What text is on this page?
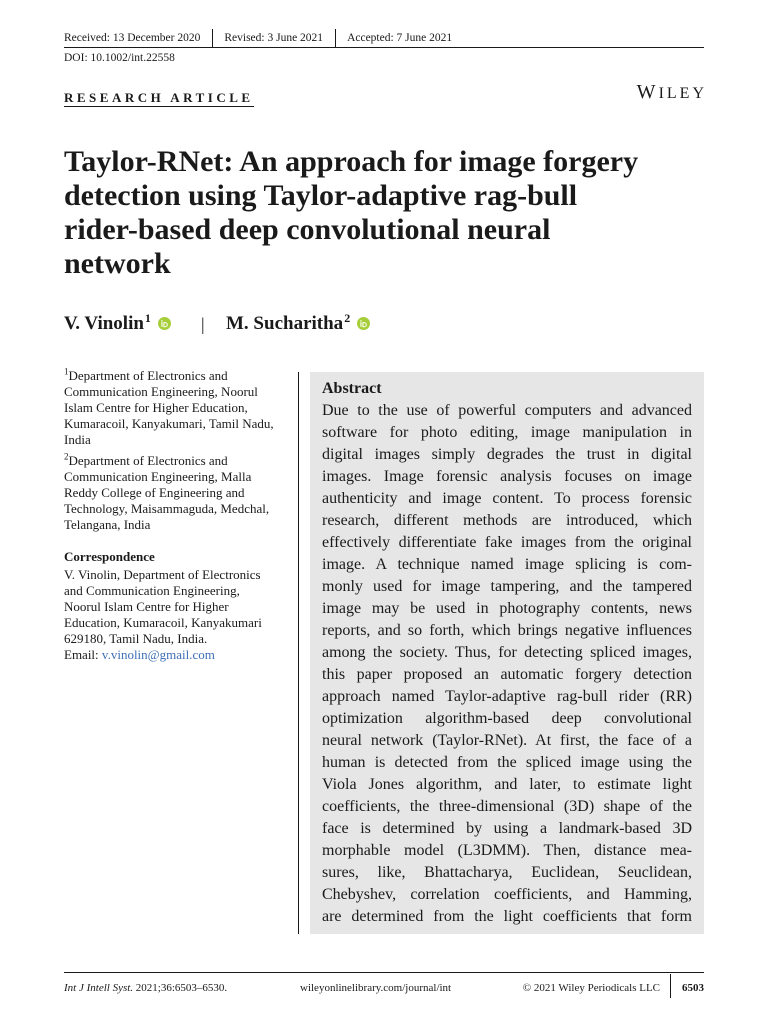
Received: 13 December 2020	Revised: 3 June 2021	Accepted: 7 June 2021
DOI: 10.1002/int.22558
RESEARCH ARTICLE	WILEY
Taylor-RNet: An approach for image forgery
detection using Taylor-adaptive rag-bull
rider-based deep convolutional neural
network
V. Vinolin$^1$	| M. Sucharitha$^2$
$^1$Department of Electronics and
Communication Engineering, Noorul
Islam Centre for Higher Education,
Kumaracoil, Kanyakumari, Tamil Nadu,
India
$^2$Department of Electronics and
Communication Engineering, Malla
Reddy College of Engineering and
Technology, Maisammaguda, Medchal,
Telangana, India
Correspondence
V. Vinolin, Department of Electronics
and Communication Engineering,
Noorul Islam Centre for Higher
Education, Kumaracoil, Kanyakumari
629180, Tamil Nadu, India.
Email: v.vinolin@gmail.com
Abstract
Due to the use of powerful computers and advanced
software for photo editing, image manipulation in
digital images simply degrades the trust in digital
images. Image forensic analysis focuses on image
authenticity and image content. To process forensic
research, different methods are introduced, which
effectively differentiate fake images from the original
image. A technique named image splicing is com-
monly used for image tampering, and the tampered
image may be used in photography contents, news
reports, and so forth, which brings negative influences
among the society. Thus, for detecting spliced images,
this paper proposed an automatic forgery detection
approach named Taylor-adaptive rag-bull rider (RR)
optimization algorithm-based deep convolutional
neural network (Taylor-RNet). At first, the face of a
human is detected from the spliced image using the
Viola Jones algorithm, and later, to estimate light
coefficients, the three-dimensional (3D) shape of the
face is determined by using a landmark-based 3D
morphable model (L3DMM). Then, distance mea-
sures, like, Bhattacharya, Euclidean, Seuclidean,
Chebyshev, correlation coefficients, and Hamming,
are determined from the light coefficients that form
Int J Intell Syst. 2021;36:6503–6530.	wileyonlinelibrary.com/journal/int	© 2021 Wiley Periodicals LLC 6503
